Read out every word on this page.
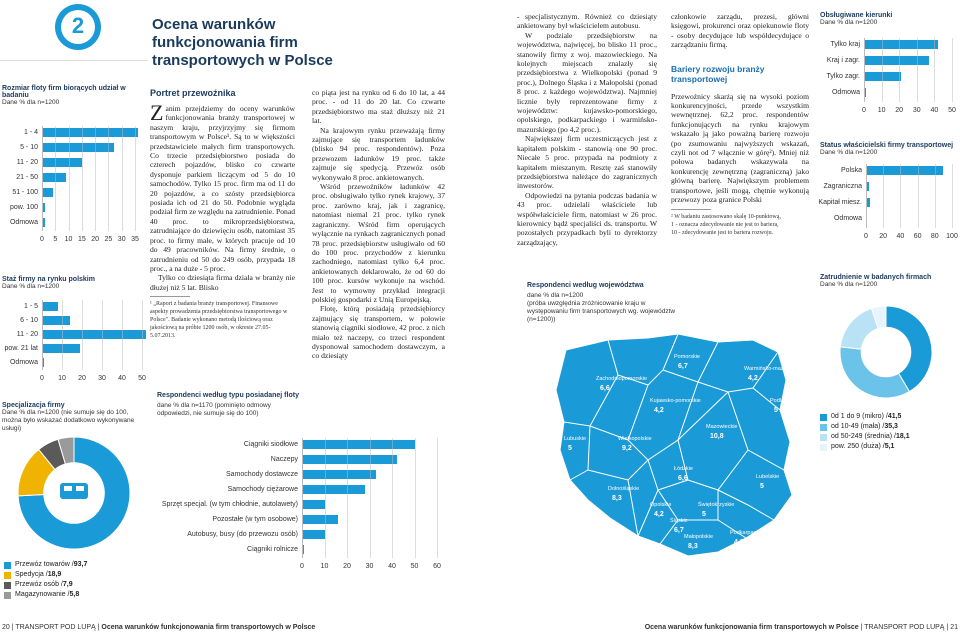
2	Ocena warunków funkcjonowania firm transportowych w Polsce
Rozmiar floty firm biorących udział w badaniu
Dane % dla n=1200
1 - 4
5 - 10
11 - 20
21 - 50
51 - 100
pow. 100
Odmowa
0	5	10 15 20 25 30 35
Staż firmy na rynku polskim
Dane % dla n=1200
1 - 5
6 - 10
11 - 20
pow. 21 lat
Odmowa
0	10	20	30	40	50
Specjalizacja firmy
Dane % dla n=1200 (nie sumuje się do 100, można było wskazać dodatkowo wykonywane usługi)
Przewóz towarów / 93,7
Spedycja / 18,9
Przewóz osób / 7,9
Magazynowanie / 5,8
Portret przewoźnika
Z anim przejdziemy do oceny warunków funkcjonowania branży transportowej w naszym kraju, przyjrzyjmy się firmom transportowym w Polsce¹. Są to w większości przedstawiciele małych firm transportowych. Co trzecie przedsiębiorstwo posiada do czterech pojazdów, blisko co czwarte dysponuje parkiem liczącym od 5 do 10 samochodów. Tylko 15 proc. firm ma od 11 do 20 pojazdów, a co szósty przedsiębiorca posiada ich od 21 do 50. Podobnie wygląda podział firm ze względu na zatrudnienie. Ponad 40 proc. to mikroprzedsiębiorstwa, zatrudniające do dziewięciu osób, natomiast 35 proc. to firmy małe, w których pracuje od 10 do 49 pracowników. Na firmy średnie, o zatrudnieniu od 50 do 249 osób, przypada 18 proc., a na duże - 5 proc.

Tylko co dziesiąta firma działa w branży nie dłużej niż 5 lat. Blisko

¹ „Raport z badania branży transportowej. Finansowe aspekty prowadzenia przedsiębiorstwa transportowego w Polsce". Badanie wykonano metodą ilościową oraz jakościową na próbie 1200 osób, w okresie 27.05-5.07.2013.
Respondenci według typu posiadanej floty
dane % dla n=1170 (pominięto odmowy odpowiedzi, nie sumuje się do 100)
Ciągniki siodłowe
Naczepy
Samochody dostawcze
Samochody ciężarowe
Sprzęt specjal. (w tym chłodnie, autolawety)
Pozostałe (w tym osobowe)
Autobusy, busy (do przewozu osób)
Ciągniki rolnicze
0	10	20	30	40	50	60
co piąta jest na rynku od 6 do 10 lat, a 44 proc. - od 11 do 20 lat. Co czwarte przedsiębiorstwo ma staż dłuższy niż 21 lat.

Na krajowym rynku przeważają firmy zajmujące się transportem ładunków (blisko 94 proc. respondentów). Poza przewozem ładunków 19 proc. także zajmuje się spedycją. Przewóz osób wykonywało 8 proc. ankietowanych.

Wśród przewoźników ładunków 42 proc. obsługiwało tylko rynek krajowy, 37 proc. zarówno kraj, jak i zagranicę, natomiast niemal 21 proc. tylko rynek zagraniczny. Wśród firm operujących wyłącznie na rynkach zagranicznych ponad 78 proc. przedsiębiorstw usługiwało od 60 do 100 proc. przychodów z kierunku zachodniego, natomiast tylko 6,4 proc. ankietowanych deklarowało, że od 60 do 100 proc. kursów wykonuje na wschód. Jest to wymowny przykład integracji polskiej gospodarki z Unią Europejską.

Flotę, którą posiadają przedsiębiorcy zajmujący się transportem, w połowie stanowią ciągniki siodłowe, 42 proc. z nich miało też naczepy, co trzeci respondent dysponował samochodem dostawczym, a co dziesiąty

- specjalistycznym. Również co dziesiąty ankietowany był właścicielem autobusu.

W podziale przedsiębiorstw na województwa, najwięcej, bo blisko 11 proc., stanowiły firmy z woj. mazowieckiego. Na kolejnych miejscach znalazły się przedsiębiorstwa z Wielkopolski (ponad 9 proc.), Dolnego Śląska i z Małopolski (ponad 8 proc. z każdego województwa). Najmniej licznie były reprezentowane firmy z województw: kujawsko-pomorskiego, opolskiego, podkarpackiego i warmińsko-mazurskiego (po 4,2 proc.).

Największej firm uczestniczących jest z kapitałem polskim - stanowią one 90 proc. Niecałe 5 proc. przypada na podmioty z kapitałem mieszanym. Resztę zaś stanowiły przedsiębiorstwa należące do zagranicznych inwestorów.

Odpowiedzi na pytania podczas badania w 43 proc. udzielali właściciele lub współwłaściciele firm, natomiast w 26 proc. kierownicy bądź specjaliści ds. transportu. W pozostałych przypadkach byli to dyrektorzy zarządzający,

członkowie zarządu, prezesi, główni księgowi, prokurenci oraz opiekunowie floty - osoby decydujące lub współdecydujące o zarządzaniu firmą.
Bariery rozwoju branży transportowej
Przewoźnicy skarżą się na wysoki poziom konkurencyjności, przede wszystkim wewnętrznej. 62,2 proc. respondentów funkcjonujących na rynku krajowym wskazało ją jako poważną barierę rozwoju (po zsumowaniu najwyższych wskazań, czyli not od 7 włącznie w górę²). Mniej niż połowa badanych wskazywała na konkurencję zewnętrzną (zagraniczną) jako główną barierę. Największym problemem transportowe, jeśli mogą, chętnie wykonują przewozy poza granice Polski
² W badaniu zastosowano skalę 10-punktową,
1 - oznacza zdecydowanie nie jest to bariera,
10 - zdecydowanie jest to bariera rozwoju.
Respondenci według województwa
dane % dla n=1200
(próba uwzględnia zróżnicowanie kraju w występowaniu firm transportowych wg. województw (n=1200))
Pomorskie
6,7
Zachodniopomorskie
6,6
Warmińsko-mazurskie
4,2
Podlaskie
5
Kujawsko-pomorskie
4,2
Lubuskie
5
Wielkopolskie
9,2
Mazowieckie
10,8
Łódzkie
6,6
Dolnośląskie
8,3
Opolskie
4,2
Śląskie
6,7
Świętokrzyskie
5
Lubelskie
5
Małopolskie
8,3
Podkarpackie
4,2
Obsługiwane kierunki
Dane % dla n=1200
Tylko kraj
Kraj i zagr.
Tylko zagr.
Odmowa
0	10	20	30	40	50
Status właścicielski firmy transportowej
Dane % dla n=1200
Polska
Zagraniczna
Kapitał miesz.
Odmowa
0	20	40	60	80	100
Zatrudnienie w badanych firmach
Dane % dla n=1200
0d 1 do 9 (mikro) / 41,5
od 10-49 (mała) / 35,3
od 50-249 (średnia) / 18,1
pow. 250 (duża) / 5,1
20 | TRANSPORT POD LUPĄ | Ocena warunków funkcjonowania firm transportowych w Polsce	Ocena warunków funkcjonowania firm transportowych w Polsce | TRANSPORT POD LUPĄ | 21
